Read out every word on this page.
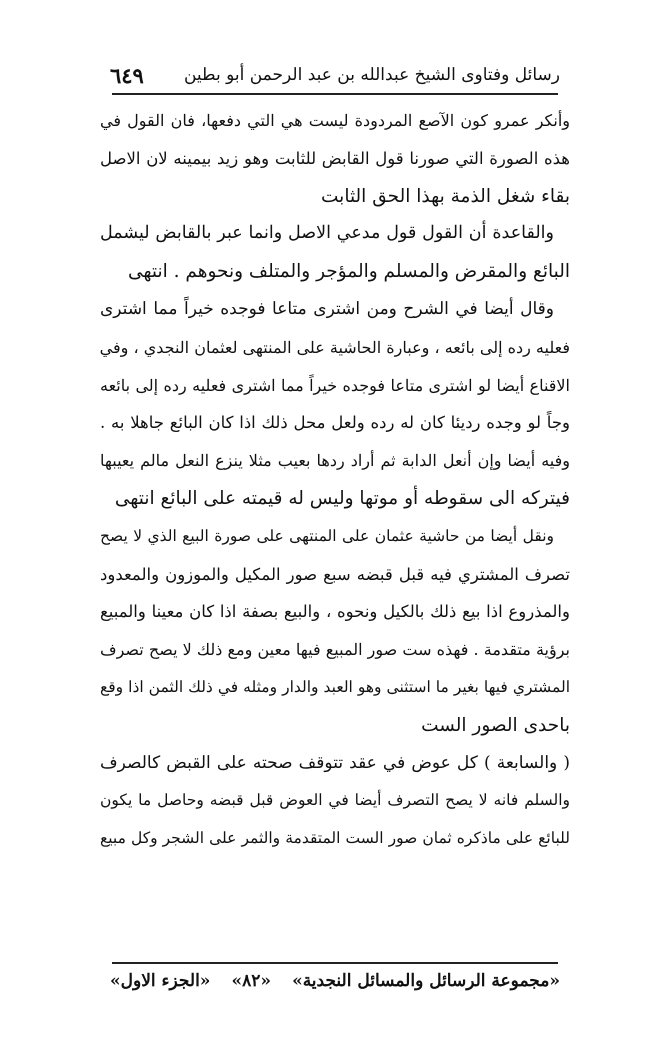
رسائل وفتاوى الشيخ عبدالله بن عبد الرحمن أبو بطين
٦٤٩
وأنكر عمرو كون الآصع المردودة ليست هي التي دفعها، فان القول في
هذه الصورة التي صورنا قول القابض للثابت وهو زيد بيمينه لان الاصل
بقاء شغل الذمة بهذا الحق الثابت
والقاعدة أن القول قول مدعي الاصل وانما عبر بالقابض ليشمل
البائع والمقرض والمسلم والمؤجر والمتلف ونحوهم . انتهى
وقال أيضا في الشرح ومن اشترى متاعا فوجده خيراً مما اشترى
فعليه رده إلى بائعه ، وعبارة الحاشية على المنتهى لعثمان النجدي ، وفي
الاقناع أيضا لو اشترى متاعا فوجده خيراً مما اشترى فعليه رده إلى بائعه
وجاً لو وجده رديئا كان له رده ولعل محل ذلك اذا كان البائع جاهلا به .
وفيه أيضا وإن أنعل الدابة ثم أراد ردها بعيب مثلا ينزع النعل مالم يعيبها
فيتركه الى سقوطه أو موتها وليس له قيمته على البائع انتهى
ونقل أيضا من حاشية عثمان على المنتهى على صورة البيع الذي لا يصح
تصرف المشتري فيه قبل قبضه سبع صور المكيل والموزون والمعدود
والمذروع اذا بيع ذلك بالكيل ونحوه ، والبيع بصفة اذا كان معينا والمبيع
برؤية متقدمة . فهذه ست صور المبيع فيها معين ومع ذلك لا يصح تصرف
المشتري فيها بغير ما استثنى وهو العبد والدار ومثله في ذلك الثمن اذا وقع
باحدى الصور الست
( والسابعة ) كل عوض في عقد تتوقف صحته على القبض كالصرف
والسلم فانه لا يصح التصرف أيضا في العوض قبل قبضه وحاصل ما يكون
للبائع على ماذكره ثمان صور الست المتقدمة والثمر على الشجر وكل مبيع
«مجموعة الرسائل والمسائل النجدية»
«٨٢»
«الجزء الاول»
